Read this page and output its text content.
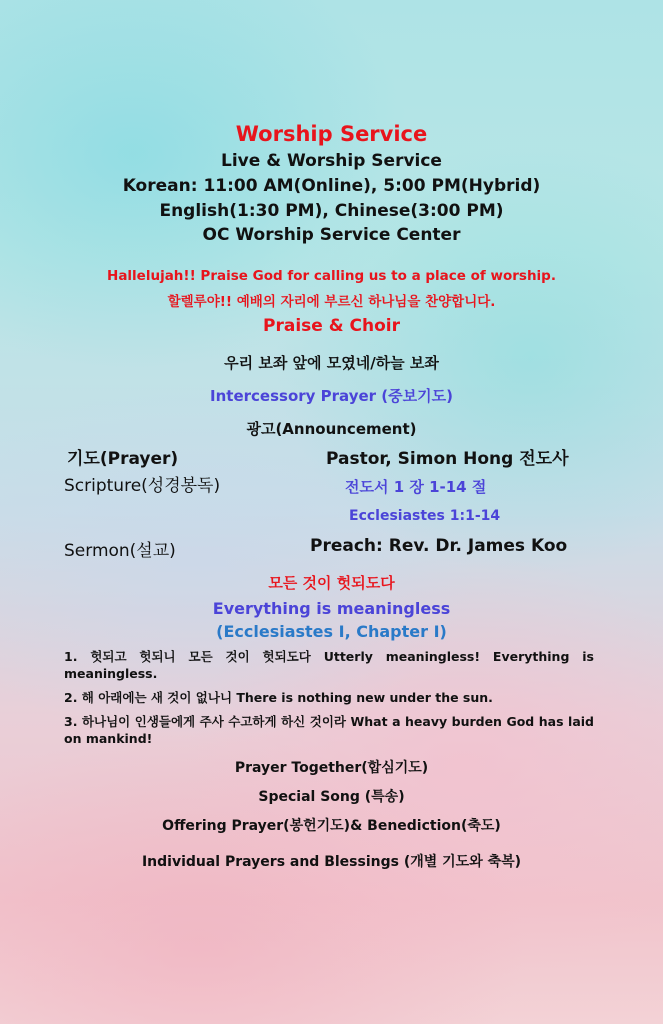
Worship Service
Live & Worship Service
Korean: 11:00 AM(Online), 5:00 PM(Hybrid)
English(1:30 PM), Chinese(3:00 PM)
OC Worship Service Center
Hallelujah!! Praise God for calling us to a place of worship.
할렐루야!! 예배의 자리에 부르신 하나님을 찬양합니다.
Praise & Choir
우리 보좌 앞에 모였네/하늘 보좌
Intercessory Prayer (중보기도)
광고(Announcement)
기도(Prayer)	Pastor, Simon Hong 전도사
Scripture(성경봉독)	전도서 1 장 1-14 절
Ecclesiastes 1:1-14
Sermon(설교)	Preach: Rev. Dr. James Koo
모든 것이 헛되도다
Everything is meaningless
(Ecclesiastes I, Chapter I)
1. 헛되고 헛되니 모든 것이 헛되도다 Utterly meaningless! Everything is meaningless.
2. 해 아래에는 새 것이 없나니 There is nothing new under the sun.
3. 하나님이 인생들에게 주사 수고하게 하신 것이라 What a heavy burden God has laid on mankind!
Prayer Together(합심기도)
Special Song (특송)
Offering Prayer(봉헌기도)& Benediction(축도)
Individual Prayers and Blessings (개별 기도와 축복)
